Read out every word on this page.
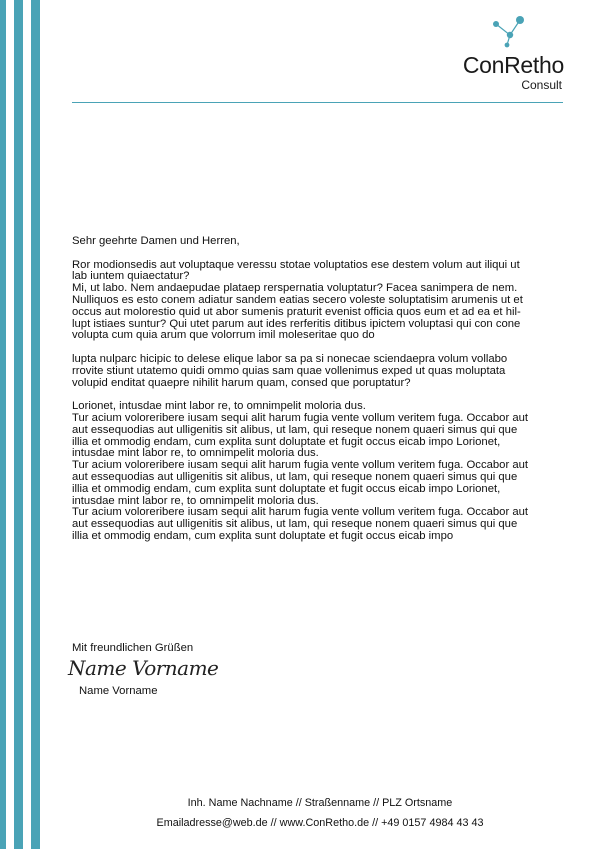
ConRetho
Consult

Sehr geehrte Damen und Herren,

Ror modionsedis aut voluptaque veressu stotae voluptatios ese destem volum aut iliqui ut
lab iuntem quiaectatur?
Mi, ut labo. Nem andaepudae plataep rerspernatia voluptatur? Facea sanimpera de nem.
Nulliquos es esto conem adiatur sandem eatias secero voleste soluptatisim arumenis ut et
occus aut molorestio quid ut abor sumenis praturit evenist officia quos eum et ad ea et hil-
lupt istiaes suntur? Qui utet parum aut ides rerferitis ditibus ipictem voluptasi qui con cone
volupta cum quia arum que volorrum imil moleseritae quo do
lupta nulparc hicipic to delese elique labor sa pa si nonecae sciendaepra volum vollabo
rrovite stiunt utatemo quidi ommo quias sam quae vollenimus exped ut quas moluptata
volupid enditat quaepre nihilit harum quam, consed que poruptatur?
Lorionet, intusdae mint labor re, to omnimpelit moloria dus.
Tur acium voloreribere iusam sequi alit harum fugia vente vollum veritem fuga. Occabor aut
aut essequodias aut ulligenitis sit alibus, ut lam, qui reseque nonem quaeri simus qui que
illia et ommodig endam, cum explita sunt doluptate et fugit occus eicab impo Lorionet,
intusdae mint labor re, to omnimpelit moloria dus.
Tur acium voloreribere iusam sequi alit harum fugia vente vollum veritem fuga. Occabor aut
aut essequodias aut ulligenitis sit alibus, ut lam, qui reseque nonem quaeri simus qui que
illia et ommodig endam, cum explita sunt doluptate et fugit occus eicab impo Lorionet,
intusdae mint labor re, to omnimpelit moloria dus.
Tur acium voloreribere iusam sequi alit harum fugia vente vollum veritem fuga. Occabor aut
aut essequodias aut ulligenitis sit alibus, ut lam, qui reseque nonem quaeri simus qui que
illia et ommodig endam, cum explita sunt doluptate et fugit occus eicab impo
Mit freundlichen Grüßen
Name Vorname
Name Vorname
Inh. Name Nachname // Straßenname // PLZ Ortsname
Emailadresse@web.de // www.ConRetho.de // +49 0157 4984 43 43
